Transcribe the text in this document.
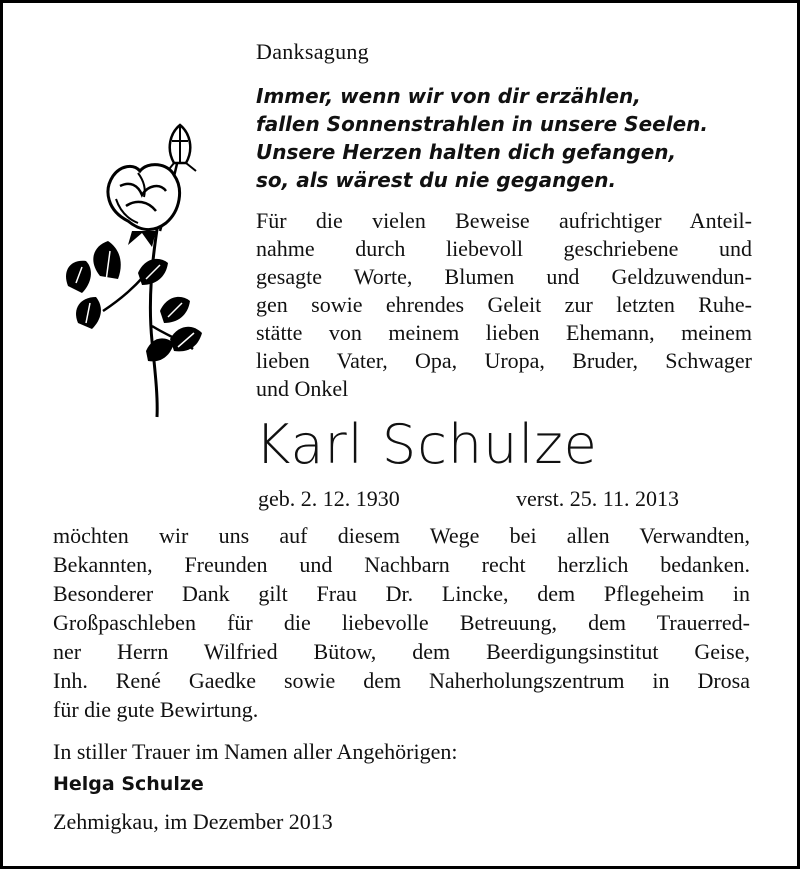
Danksagung
Immer, wenn wir von dir erzählen,
fallen Sonnenstrahlen in unsere Seelen.
Unsere Herzen halten dich gefangen,
so, als wärest du nie gegangen.
Für die vielen Beweise aufrichtiger Anteil-
nahme durch liebevoll geschriebene und
gesagte Worte, Blumen und Geldzuwendun-
gen sowie ehrendes Geleit zur letzten Ruhe-
stätte von meinem lieben Ehemann, meinem
lieben Vater, Opa, Uropa, Bruder, Schwager
und Onkel
Karl Schulze
geb. 2. 12. 1930	verst. 25. 11. 2013
möchten wir uns auf diesem Wege bei allen Verwandten,
Bekannten, Freunden und Nachbarn recht herzlich bedanken.
Besonderer Dank gilt Frau Dr. Lincke, dem Pflegeheim in
Großpaschleben für die liebevolle Betreuung, dem Trauerred-
ner Herrn Wilfried Bütow, dem Beerdigungsinstitut Geise,
Inh. René Gaedke sowie dem Naherholungszentrum in Drosa
für die gute Bewirtung.
In stiller Trauer im Namen aller Angehörigen:
Helga Schulze
Zehmigkau, im Dezember 2013
